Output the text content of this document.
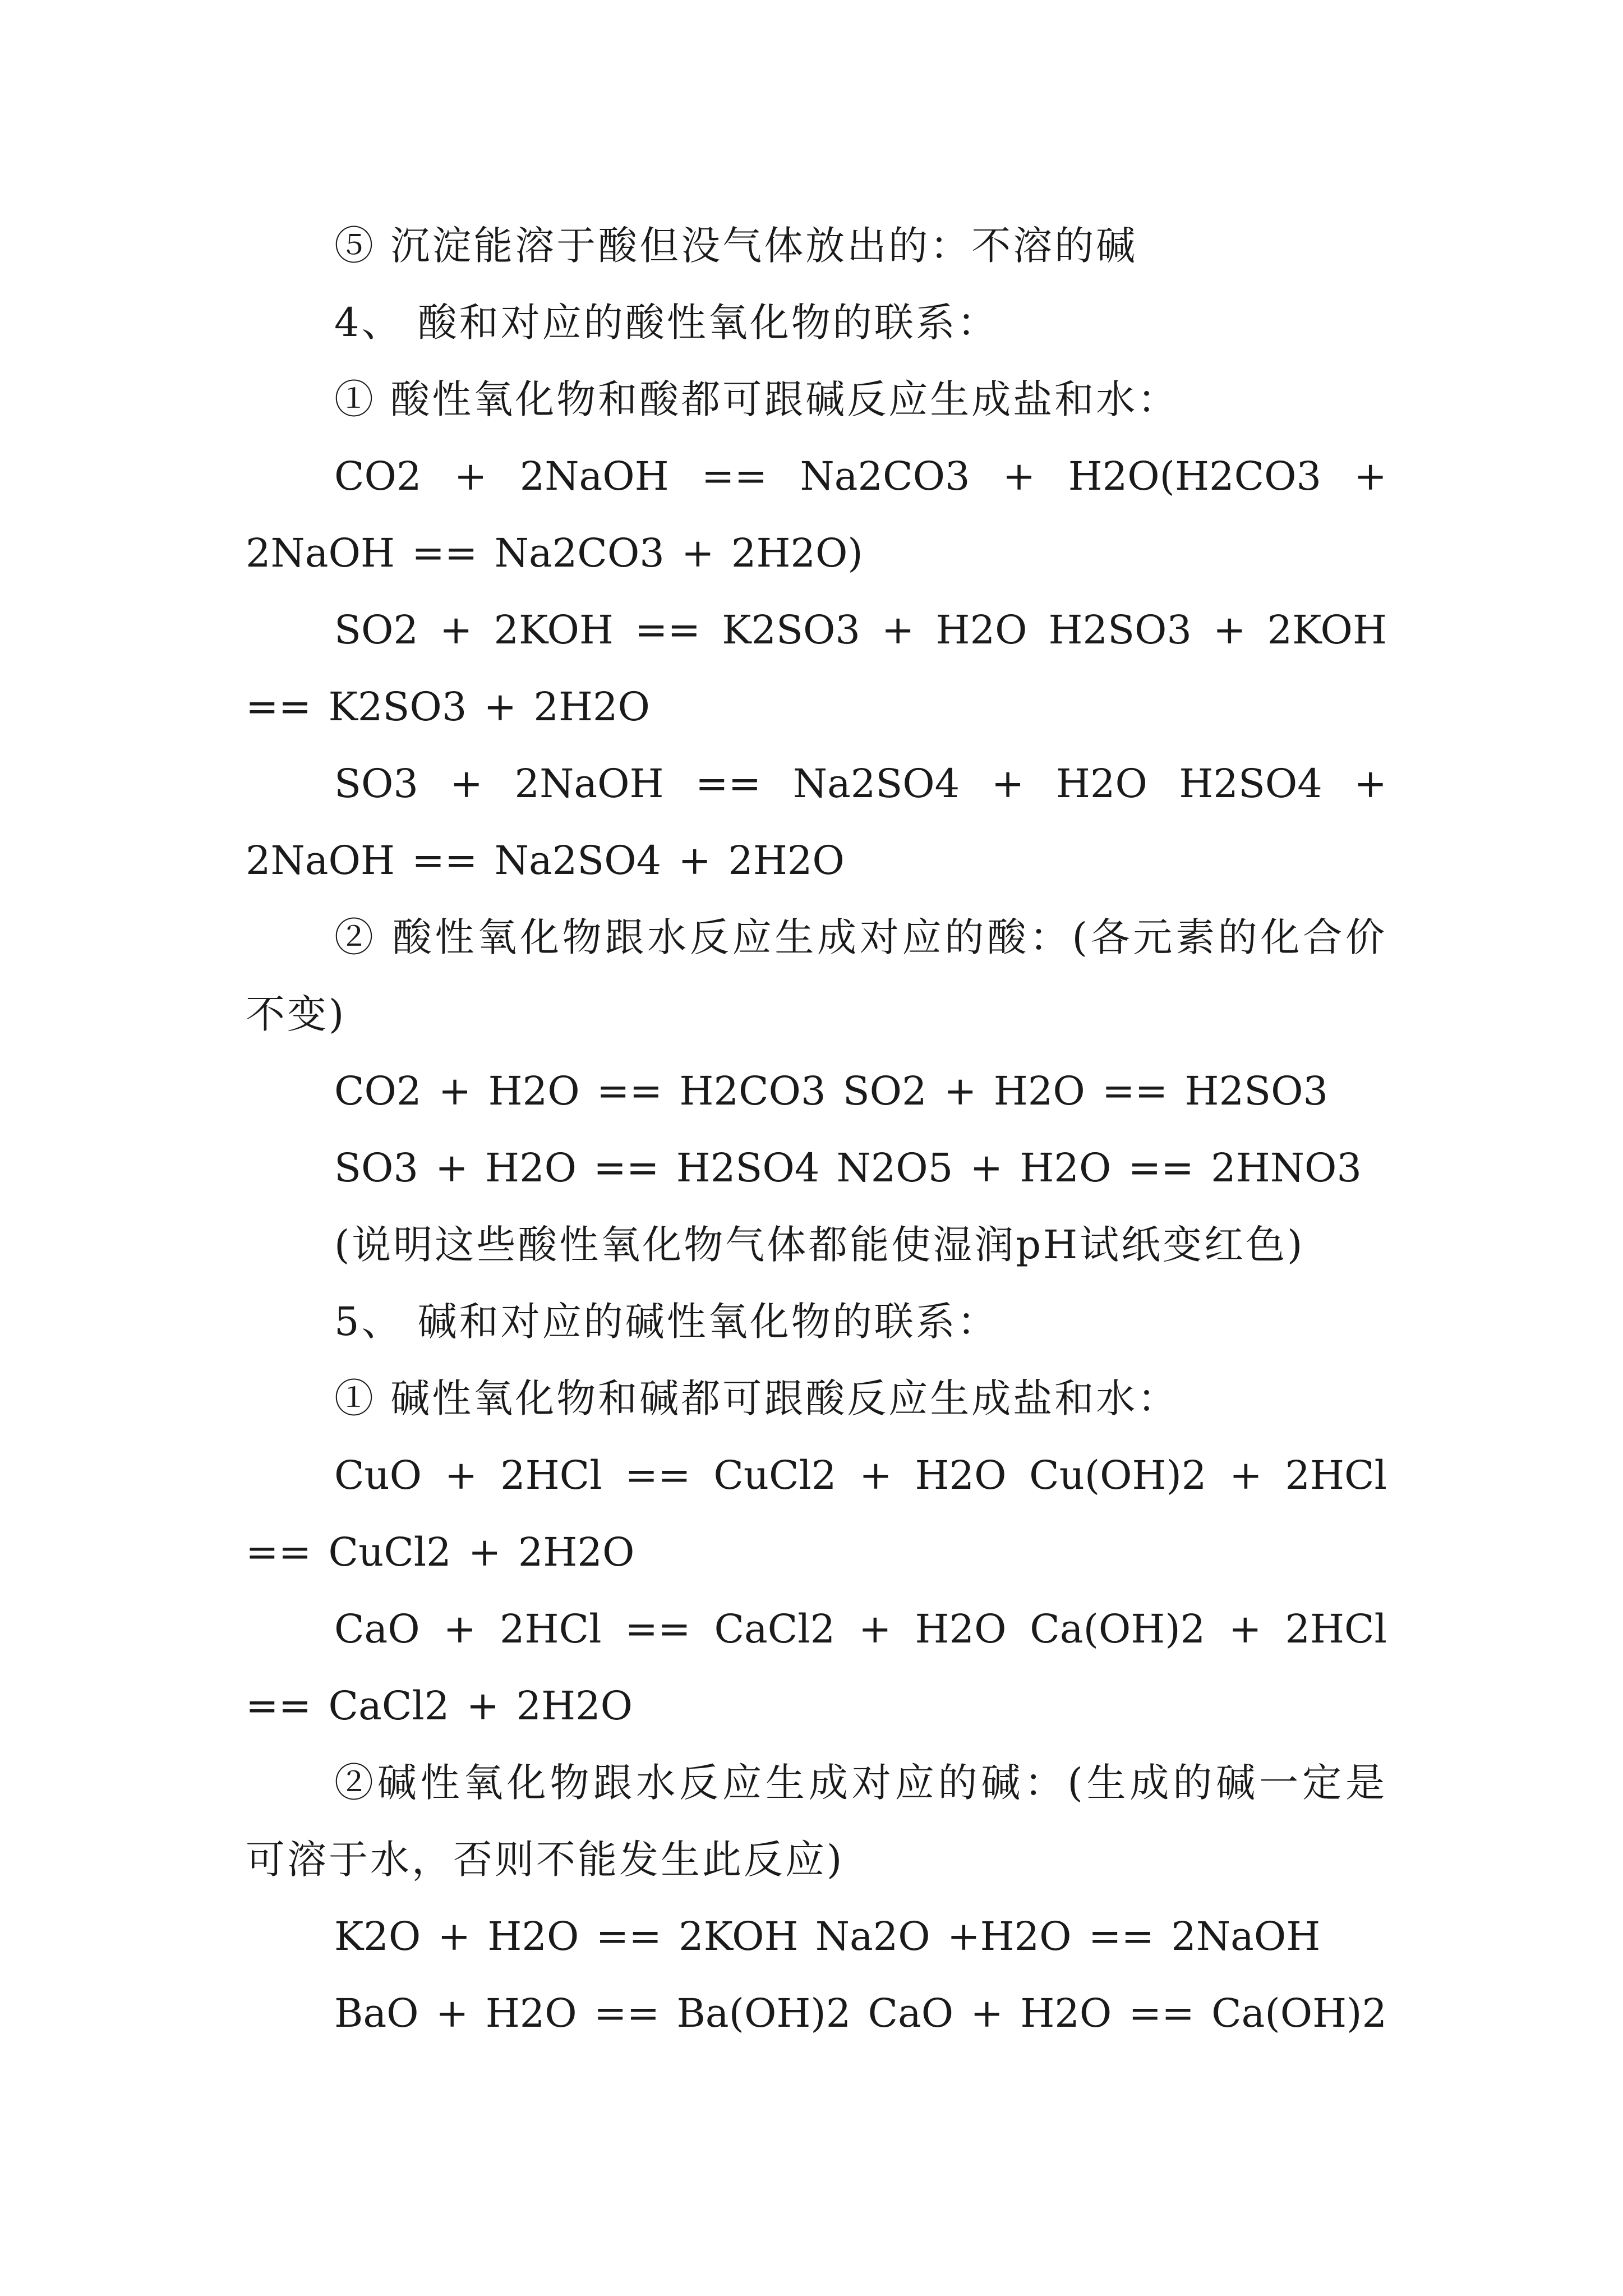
⑤ 沉淀能溶于酸但没气体放出的：不溶的碱

4、 酸和对应的酸性氧化物的联系：

① 酸性氧化物和酸都可跟碱反应生成盐和水：

CO2 + 2NaOH == Na2CO3 + H2O(H2CO3 + 2NaOH == Na2CO3 + 2H2O)

SO2 + 2KOH == K2SO3 + H2O H2SO3 + 2KOH == K2SO3 + 2H2O

SO3 + 2NaOH == Na2SO4 + H2O H2SO4 + 2NaOH == Na2SO4 + 2H2O

② 酸性氧化物跟水反应生成对应的酸：(各元素的化合价不变)

CO2 + H2O == H2CO3 SO2 + H2O == H2SO3

SO3 + H2O == H2SO4 N2O5 + H2O == 2HNO3

(说明这些酸性氧化物气体都能使湿润pH试纸变红色)

5、 碱和对应的碱性氧化物的联系：

① 碱性氧化物和碱都可跟酸反应生成盐和水：

CuO + 2HCl == CuCl2 + H2O Cu(OH)2 + 2HCl == CuCl2 + 2H2O

CaO + 2HCl == CaCl2 + H2O Ca(OH)2 + 2HCl == CaCl2 + 2H2O

②碱性氧化物跟水反应生成对应的碱：(生成的碱一定是可溶于水，否则不能发生此反应)

K2O + H2O == 2KOH Na2O +H2O == 2NaOH

BaO + H2O == Ba(OH)2 CaO + H2O == Ca(OH)2
